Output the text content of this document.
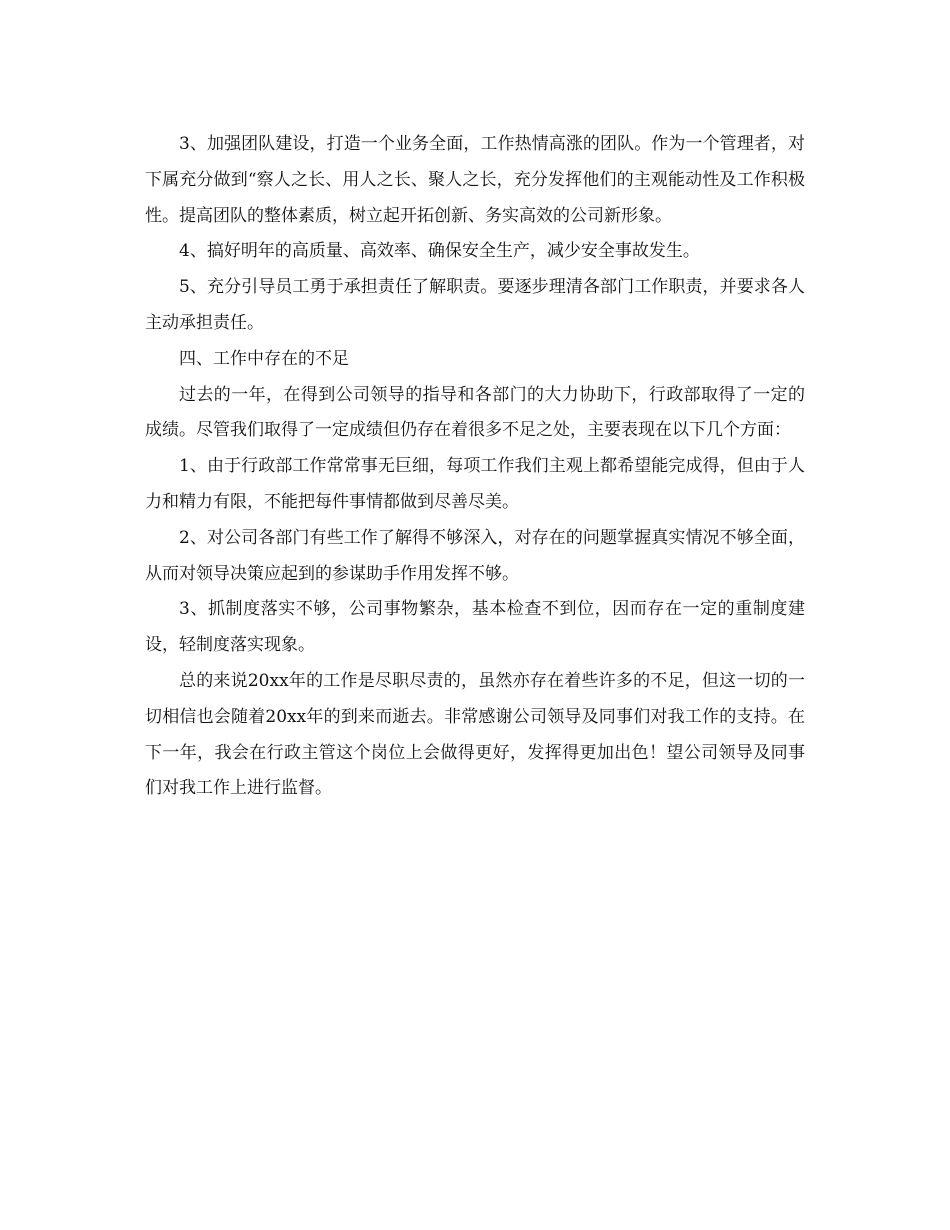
3、加强团队建设，打造一个业务全面，工作热情高涨的团队。作为一个管理者，对下属充分做到“察人之长、用人之长、聚人之长，充分发挥他们的主观能动性及工作积极性。提高团队的整体素质，树立起开拓创新、务实高效的公司新形象。

4、搞好明年的高质量、高效率、确保安全生产，减少安全事故发生。

5、充分引导员工勇于承担责任了解职责。要逐步理清各部门工作职责，并要求各人主动承担责任。

四、工作中存在的不足

过去的一年，在得到公司领导的指导和各部门的大力协助下，行政部取得了一定的成绩。尽管我们取得了一定成绩但仍存在着很多不足之处，主要表现在以下几个方面：

1、由于行政部工作常常事无巨细，每项工作我们主观上都希望能完成得，但由于人力和精力有限，不能把每件事情都做到尽善尽美。

2、对公司各部门有些工作了解得不够深入，对存在的问题掌握真实情况不够全面，从而对领导决策应起到的参谋助手作用发挥不够。

3、抓制度落实不够，公司事物繁杂，基本检查不到位，因而存在一定的重制度建设，轻制度落实现象。

总的来说20xx年的工作是尽职尽责的，虽然亦存在着些许多的不足，但这一切的一切相信也会随着20xx年的到来而逝去。非常感谢公司领导及同事们对我工作的支持。在下一年，我会在行政主管这个岗位上会做得更好，发挥得更加出色！望公司领导及同事们对我工作上进行监督。
